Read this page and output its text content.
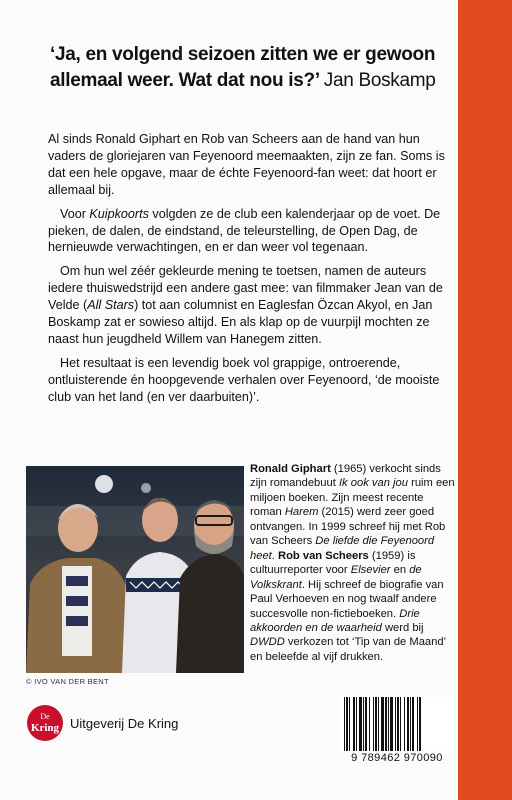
‘Ja, en volgend seizoen zitten we er gewoon allemaal weer. Wat dat nou is?’ Jan Boskamp

Al sinds Ronald Giphart en Rob van Scheers aan de hand van hun vaders de gloriejaren van Feyenoord meemaakten, zijn ze fan. Soms is dat een hele opgave, maar de échte Feyenoord-fan weet: dat hoort er allemaal bij.

Voor Kuipkoorts volgden ze de club een kalenderjaar op de voet. De pieken, de dalen, de eindstand, de teleurstelling, de Open Dag, de hernieuwde verwachtingen, en er dan weer vol tegenaan.

Om hun wel zéér gekleurde mening te toetsen, namen de auteurs iedere thuiswedstrijd een andere gast mee: van filmmaker Jean van de Velde (All Stars) tot aan columnist en Eaglesfan Özcan Akyol, en Jan Boskamp zat er sowieso altijd. En als klap op de vuurpijl mochten ze naast hun jeugdheld Willem van Hanegem zitten.

Het resultaat is een levendig boek vol grappige, ontroerende, ontluisterende én hoopgevende verhalen over Feyenoord, ‘de mooiste club van het land (en ver daarbuiten)’.

© IVO VAN DER BENT
Ronald Giphart (1965) verkocht sinds zijn romandebuut Ik ook van jou ruim een miljoen boeken. Zijn meest recente roman Harem (2015) werd zeer goed ontvangen. In 1999 schreef hij met Rob van Scheers De liefde die Feyenoord heet. Rob van Scheers (1959) is cultuurreporter voor Elsevier en de Volkskrant. Hij schreef de biografie van Paul Verhoeven en nog twaalf andere succesvolle non-fictieboeken. Drie akkoorden en de waarheid werd bij DWDD verkozen tot ‘Tip van de Maand’ en beleefde al vijf drukken.
De
Kring Uitgeverij De Kring
9 789462 970090
